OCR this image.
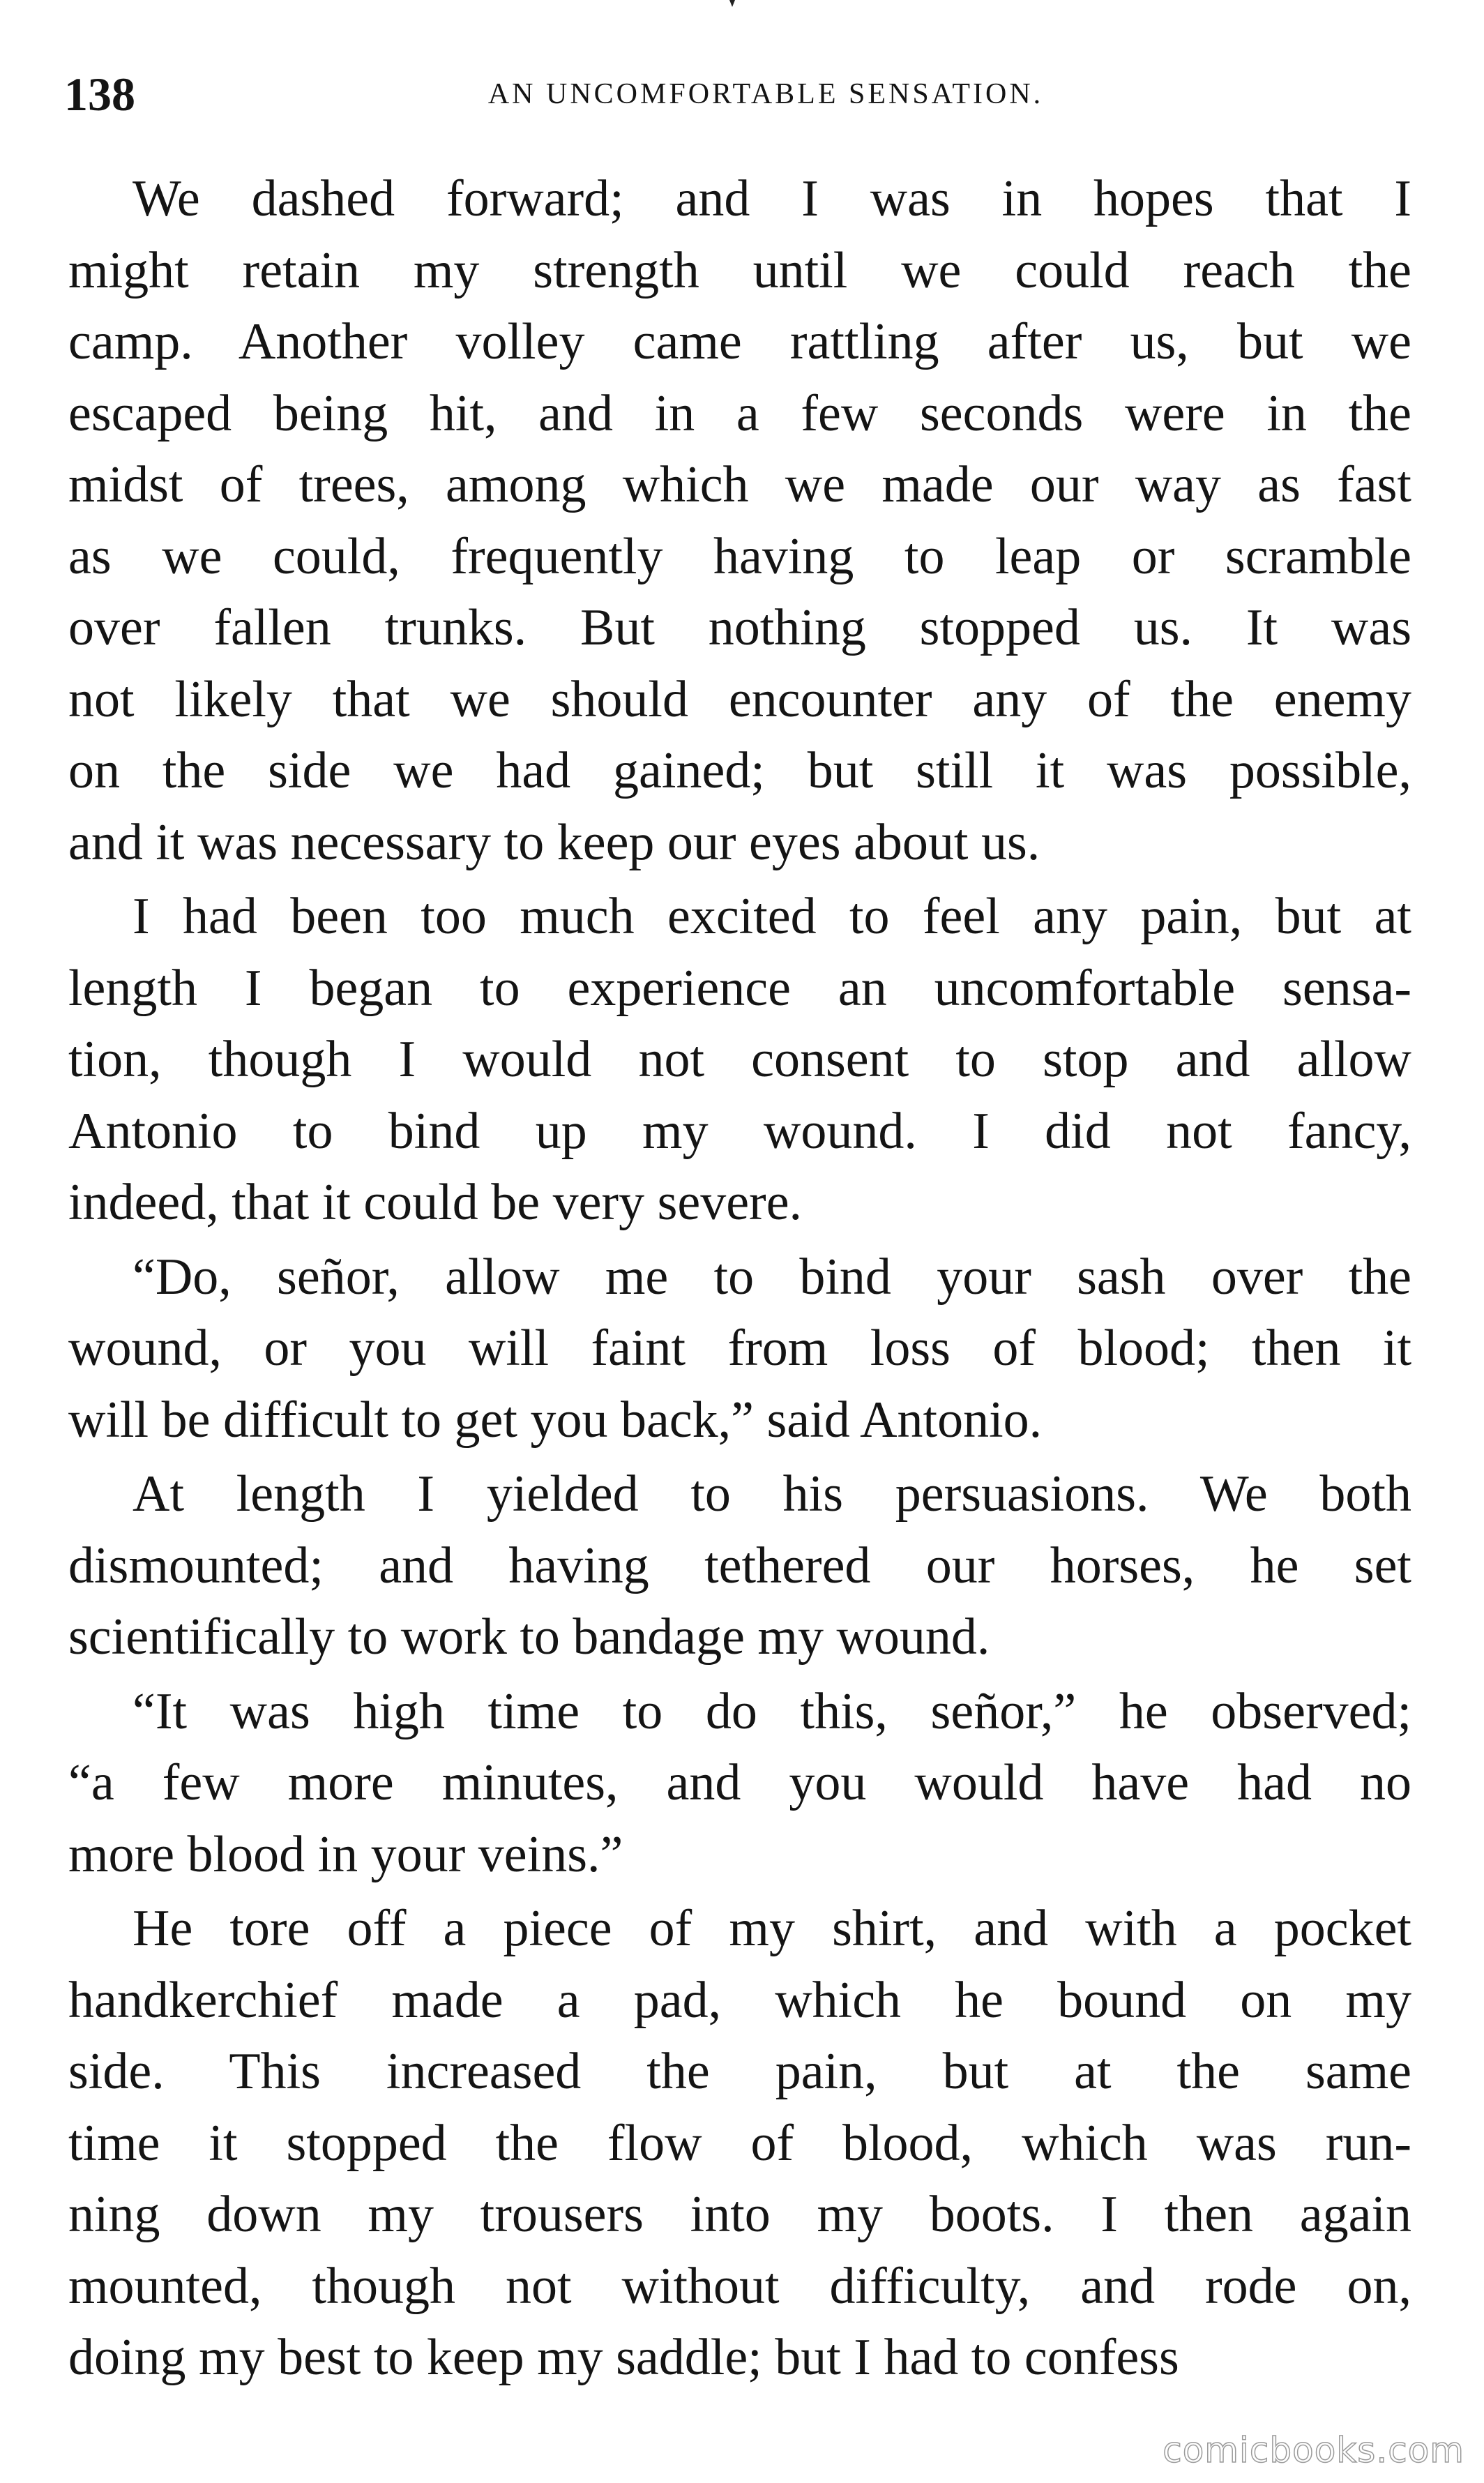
138	AN UNCOMFORTABLE SENSATION.
We dashed forward; and I was in hopes that I
might retain my strength until we could reach the
camp. Another volley came rattling after us, but we
escaped being hit, and in a few seconds were in the
midst of trees, among which we made our way as fast
as we could, frequently having to leap or scramble
over fallen trunks. But nothing stopped us. It was
not likely that we should encounter any of the enemy
on the side we had gained; but still it was possible,
and it was necessary to keep our eyes about us.
I had been too much excited to feel any pain, but at
length I began to experience an uncomfortable sensa-
tion, though I would not consent to stop and allow
Antonio to bind up my wound. I did not fancy,
indeed, that it could be very severe.
“Do, señor, allow me to bind your sash over the
wound, or you will faint from loss of blood; then it
will be difficult to get you back,” said Antonio.
At length I yielded to his persuasions. We both
dismounted; and having tethered our horses, he set
scientifically to work to bandage my wound.
“It was high time to do this, señor,” he observed;
“a few more minutes, and you would have had no
more blood in your veins.”
He tore off a piece of my shirt, and with a pocket
handkerchief made a pad, which he bound on my
side. This increased the pain, but at the same
time it stopped the flow of blood, which was run-
ning down my trousers into my boots. I then again
mounted, though not without difficulty, and rode on,
doing my best to keep my saddle; but I had to confess
comicbooks.com
